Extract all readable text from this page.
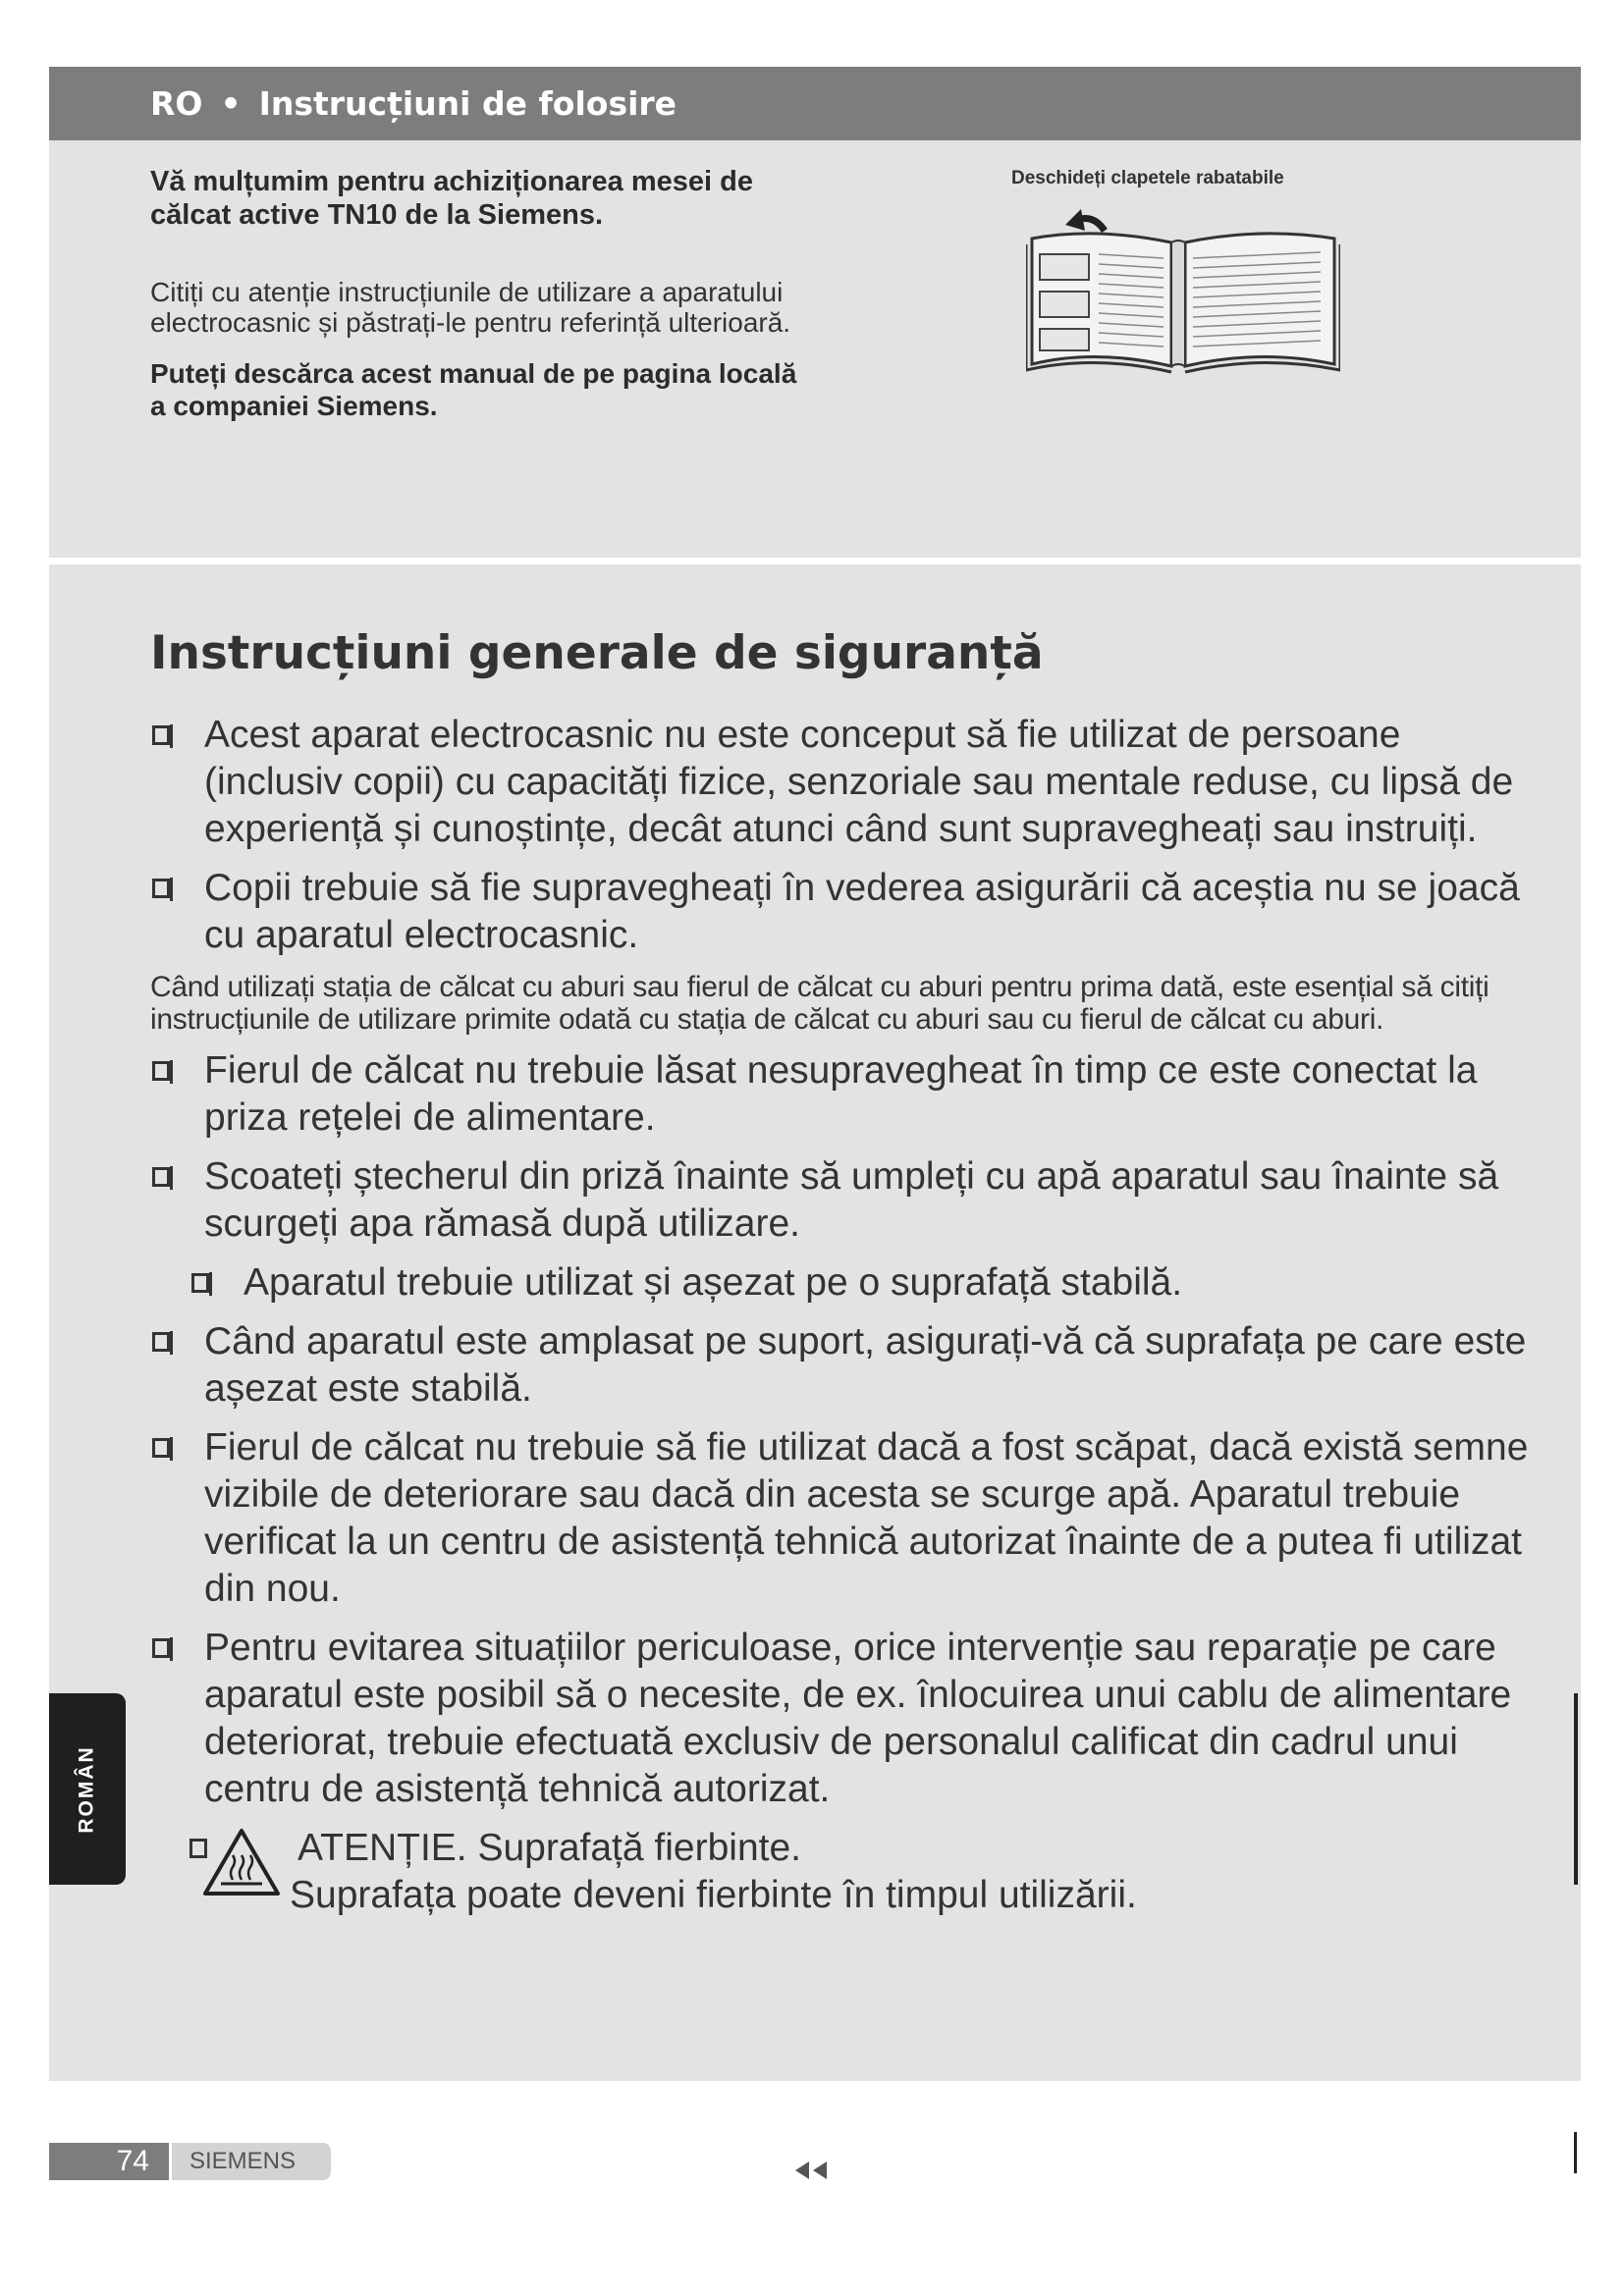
RO • Instrucțiuni de folosire

Vă mulțumim pentru achiziționarea mesei de călcat active TN10 de la Siemens.

Citiți cu atenție instrucțiunile de utilizare a aparatului electrocasnic și păstrați-le pentru referință ulterioară.

Puteți descărca acest manual de pe pagina locală a companiei Siemens.

Deschideți clapetele rabatabile
Instrucțiuni generale de siguranță
Acest aparat electrocasnic nu este conceput să fie utilizat de persoane (inclusiv copii) cu capacități fizice, senzoriale sau mentale reduse, cu lipsă de experiență și cunoștințe, decât atunci când sunt supravegheați sau instruiți.
Copii trebuie să fie supravegheați în vederea asigurării că aceștia nu se joacă cu aparatul electrocasnic.

Când utilizați stația de călcat cu aburi sau fierul de călcat cu aburi pentru prima dată, este esențial să citiți instrucțiunile de utilizare primite odată cu stația de călcat cu aburi sau cu fierul de călcat cu aburi.

Fierul de călcat nu trebuie lăsat nesupravegheat în timp ce este conectat la priza rețelei de alimentare.
Scoateți ștecherul din priză înainte să umpleți cu apă aparatul sau înainte să scurgeți apa rămasă după utilizare.
Aparatul trebuie utilizat și așezat pe o suprafață stabilă.
Când aparatul este amplasat pe suport, asigurați-vă că suprafața pe care este așezat este stabilă.
Fierul de călcat nu trebuie să fie utilizat dacă a fost scăpat, dacă există semne vizibile de deteriorare sau dacă din acesta se scurge apă. Aparatul trebuie verificat la un centru de asistență tehnică autorizat înainte de a putea fi utilizat din nou.
Pentru evitarea situațiilor periculoase, orice intervenție sau reparație pe care aparatul este posibil să o necesite, de ex. înlocuirea unui cablu de alimentare deteriorat, trebuie efectuată exclusiv de personalul calificat din cadrul unui centru de asistență tehnică autorizat.
ATENȚIE. Suprafață fierbinte.
Suprafața poate deveni fierbinte în timpul utilizării.
ROMÂN
74	SIEMENS
